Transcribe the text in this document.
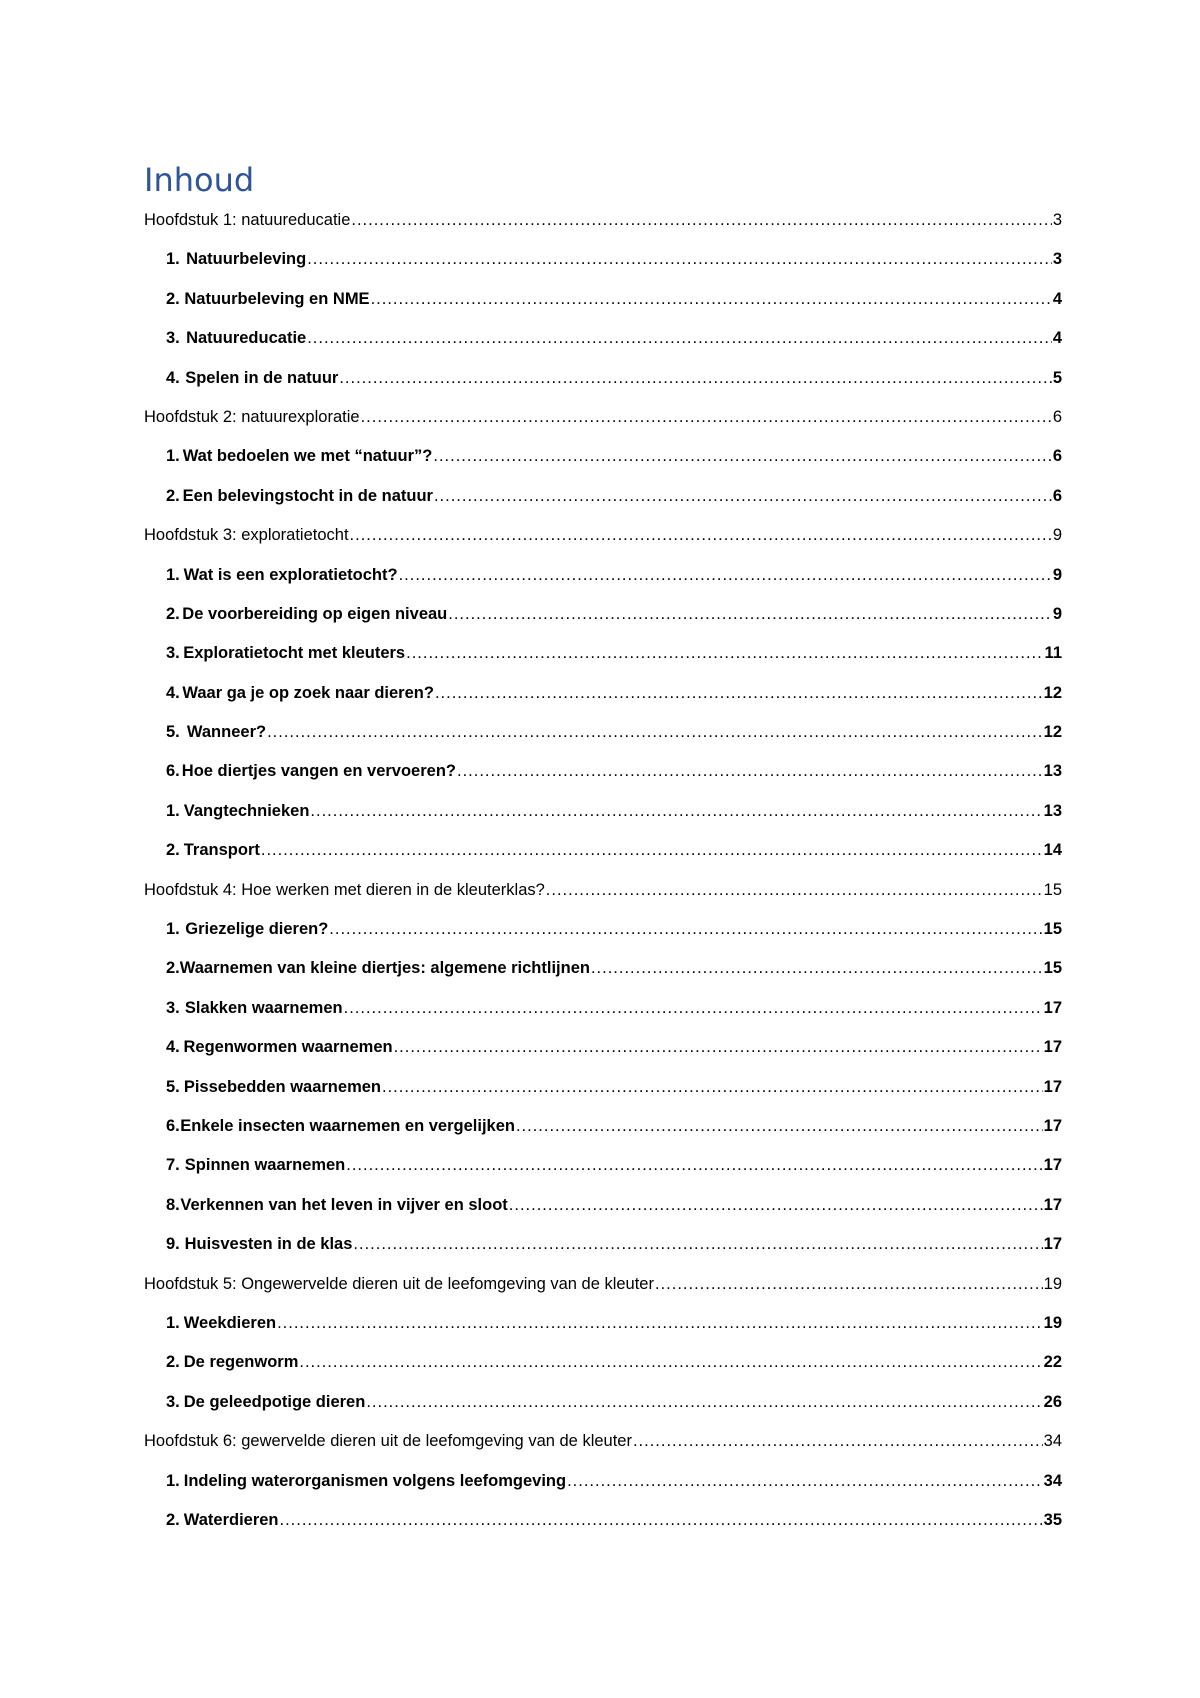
Inhoud
Hoofdstuk 1: natuureducatie .....	3
1. Natuurbeleving .....	3
2. Natuurbeleving en NME .....	4
3. Natuureducatie .....	4
4. Spelen in de natuur .....	5
Hoofdstuk 2: natuurexploratie .....	6
1. Wat bedoelen we met “natuur”? .....	6
2. Een belevingstocht in de natuur .....	6
Hoofdstuk 3: exploratietocht .....	9
1. Wat is een exploratietocht? .....	9
2. De voorbereiding op eigen niveau .....	9
3. Exploratietocht met kleuters .....	11
4. Waar ga je op zoek naar dieren? .....	12
5. Wanneer? .....	12
6. Hoe diertjes vangen en vervoeren? .....	13
1. Vangtechnieken .....	13
2. Transport .....	14
Hoofdstuk 4: Hoe werken met dieren in de kleuterklas? .....	15
1. Griezelige dieren? .....	15
2. Waarnemen van kleine diertjes: algemene richtlijnen .....	15
3. Slakken waarnemen .....	17
4. Regenwormen waarnemen .....	17
5. Pissebedden waarnemen .....	17
6. Enkele insecten waarnemen en vergelijken .....	17
7. Spinnen waarnemen .....	17
8. Verkennen van het leven in vijver en sloot .....	17
9. Huisvesten in de klas .....	17
Hoofdstuk 5: Ongewervelde dieren uit de leefomgeving van de kleuter .....	19
1. Weekdieren .....	19
2. De regenworm .....	22
3. De geleedpotige dieren .....	26
Hoofdstuk 6: gewervelde dieren uit de leefomgeving van de kleuter .....	34
1. Indeling waterorganismen volgens leefomgeving .....	34
2. Waterdieren .....	35
